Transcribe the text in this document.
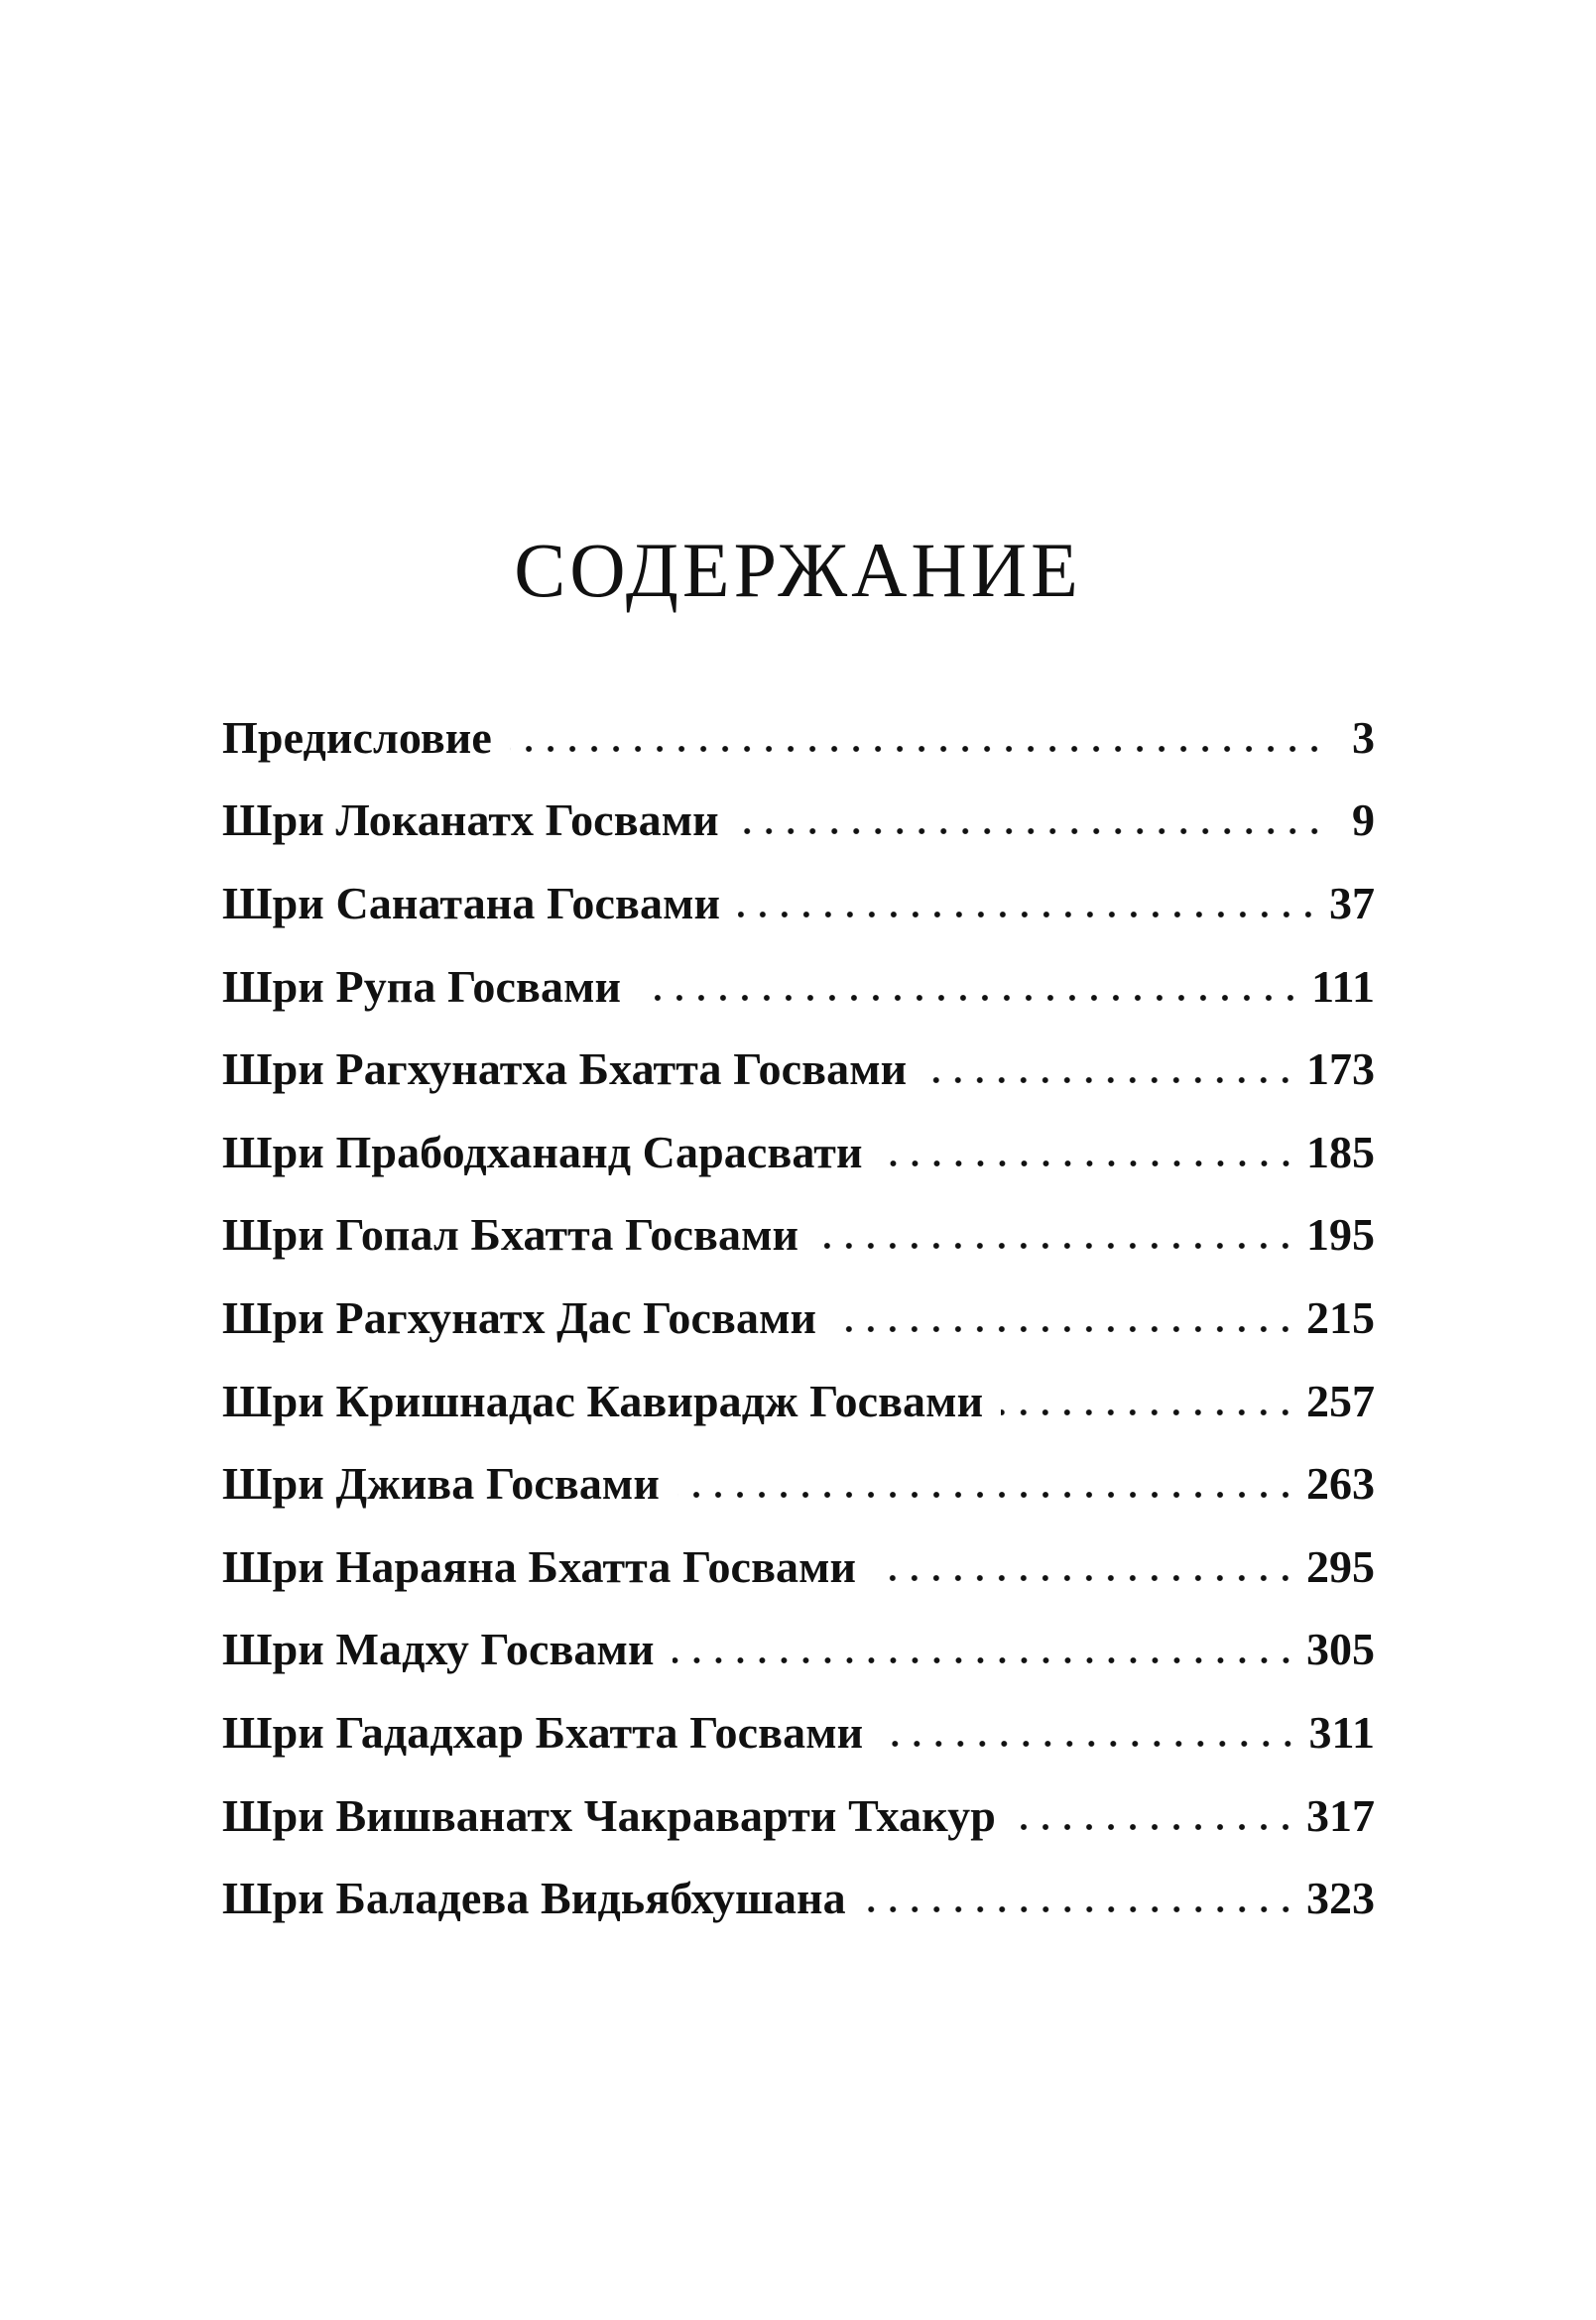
СОДЕРЖАНИЕ
Предисловие	3
Шри Локанатх Госвами	9
Шри Санатана Госвами	37
Шри Рупа Госвами	111
Шри Рагхунатха Бхатта Госвами	173
Шри Прабодхананд Сарасвати	185
Шри Гопал Бхатта Госвами	195
Шри Рагхунатх Дас Госвами	215
Шри Кришнадас Кавирадж Госвами	257
Шри Джива Госвами	263
Шри Нараяна Бхатта Госвами	295
Шри Мадху Госвами	305
Шри Гададхар Бхатта Госвами	311
Шри Вишванатх Чакраварти Тхакур	317
Шри Баладева Видьябхушана	323
